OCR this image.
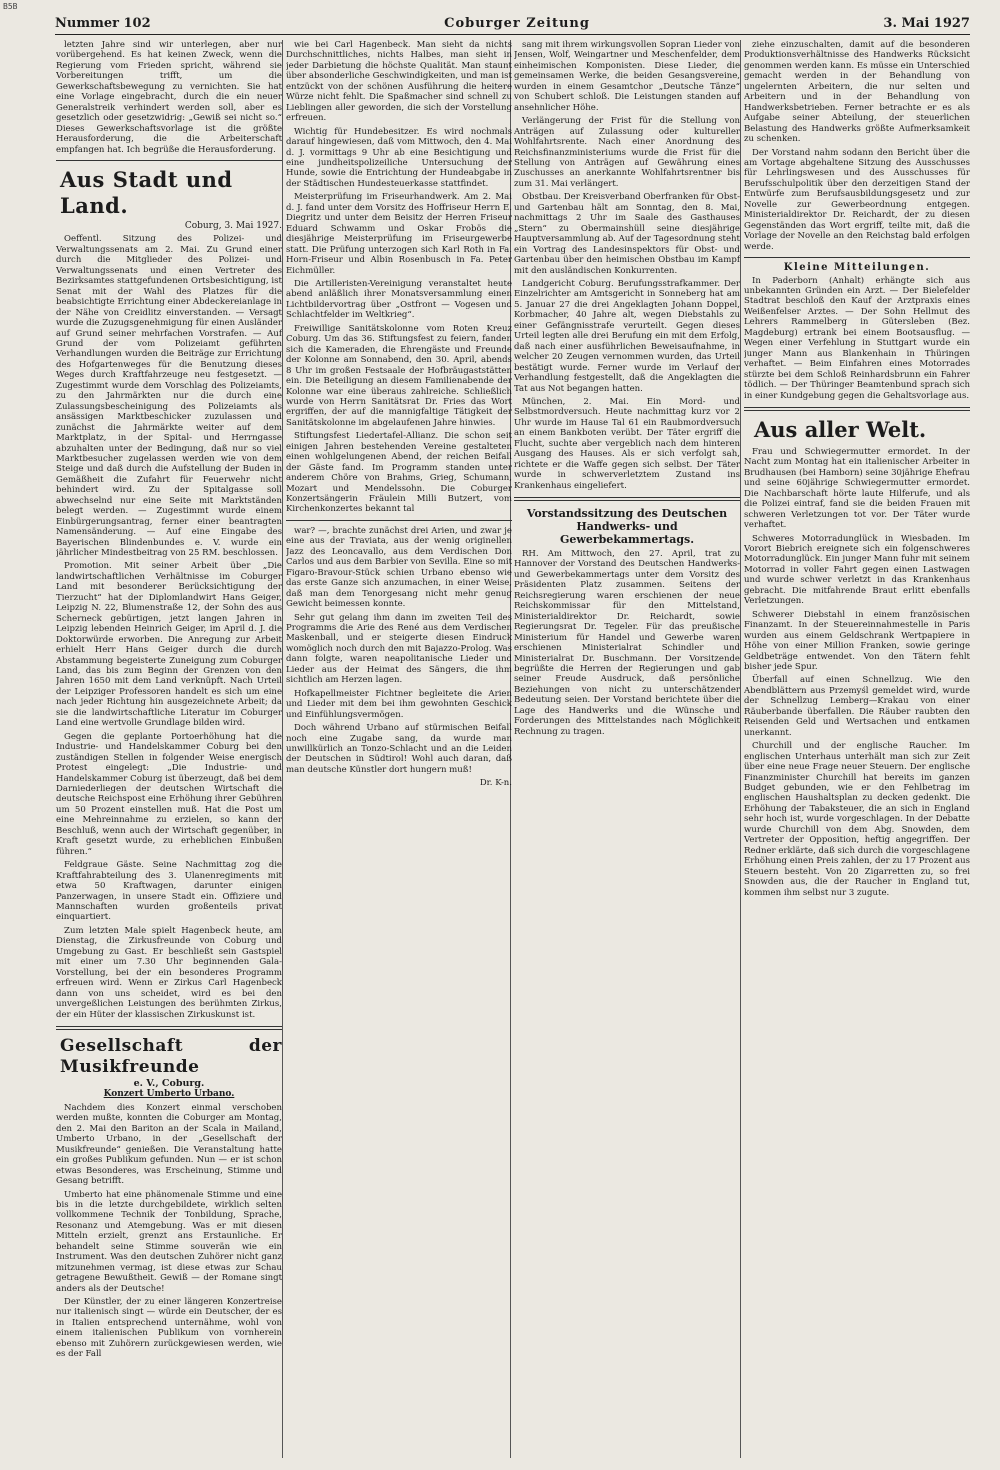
B5B
Nummer 102	Coburger Zeitung	3. Mai 1927

letzten Jahre sind wir unterlegen, aber nur vorübergehend. Es hat keinen Zweck, wenn die Regierung vom Frieden spricht, während sie Vorbereitungen trifft, um die Gewerkschaftsbewegung zu vernichten. Sie hat eine Vorlage eingebracht, durch die ein neuer Generalstreik verhindert werden soll, aber es gesetzlich oder gesetzwidrig: „Gewiß sei nicht so.“ Dieses Gewerkschaftsvorlage ist die größte Herausforderung, die die Arbeiterschaft empfangen hat. Ich begrüße die Herausforderung.

Aus Stadt und Land.
Coburg, 3. Mai 1927.

Oeffentl. Sitzung des Polizei- und Verwaltungssenats am 2. Mai. Zu Grund einer durch die Mitglieder des Polizei- und Verwaltungssenats und einen Vertreter des Bezirksamtes stattgefundenen Ortsbesichtigung, ist Senat mit der Wahl des Platzes für die beabsichtigte Errichtung einer Abdeckereianlage in der Nähe von Creidlitz einverstanden. — Versagt wurde die Zuzugsgenehmigung für einen Ausländer auf Grund seiner mehrfachen Vorstrafen. — Auf Grund der vom Polizeiamt geführten Verhandlungen wurden die Beiträge zur Errichtung des Hofgartenweges für die Benutzung dieses Weges durch Kraftfahrzeuge neu festgesetzt. — Zugestimmt wurde dem Vorschlag des Polizeiamts, zu den Jahrmärkten nur die durch eine Zulassungsbescheinigung des Polizeiamts als ansässigen Marktbeschicker zuzulassen und zunächst die Jahrmärkte weiter auf dem Marktplatz, in der Spital- und Herrngasse abzuhalten unter der Bedingung, daß nur so viel Marktbesucher zugelassen werden wie von dem Steige und daß durch die Aufstellung der Buden in Gemäßheit die Zufahrt für Feuerwehr nicht behindert wird. Zu der Spitalgasse soll abwechselnd nur eine Seite mit Marktständen belegt werden. — Zugestimmt wurde einem Einbürgerungsantrag, ferner einer beantragten Namensänderung. — Auf eine Eingabe des Bayerischen Blindenbundes e. V. wurde ein jährlicher Mindestbeitrag von 25 RM. beschlossen.

Promotion. Mit seiner Arbeit über „Die landwirtschaftlichen Verhältnisse im Coburger Land mit besonderer Berücksichtigung der Tierzucht“ hat der Diplomlandwirt Hans Geiger, Leipzig N. 22, Blumenstraße 12, der Sohn des aus Scherneck gebürtigen, jetzt langen Jahren in Leipzig lebenden Heinrich Geiger, im April d. J. die Doktorwürde erworben. Die Anregung zur Arbeit erhielt Herr Hans Geiger durch die durch Abstammung begeisterte Zuneigung zum Coburger Land, das bis zum Beginn der Grenzen von den Jahren 1650 mit dem Land verknüpft. Nach Urteil der Leipziger Professoren handelt es sich um eine nach jeder Richtung hin ausgezeichnete Arbeit; da sie die landwirtschaftliche Literatur im Coburger Land eine wertvolle Grundlage bilden wird.

Gegen die geplante Portoerhöhung hat die Industrie- und Handelskammer Coburg bei den zuständigen Stellen in folgender Weise energisch Protest eingelegt: „Die Industrie- und Handelskammer Coburg ist überzeugt, daß bei dem Darniederliegen der deutschen Wirtschaft die deutsche Reichspost eine Erhöhung ihrer Gebühren um 50 Prozent einstellen muß. Hat die Post um eine Mehreinnahme zu erzielen, so kann der Beschluß, wenn auch der Wirtschaft gegenüber, in Kraft gesetzt wurde, zu erheblichen Einbußen führen.“

Feldgraue Gäste. Seine Nachmittag zog die Kraftfahrabteilung des 3. Ulanenregiments mit etwa 50 Kraftwagen, darunter einigen Panzerwagen, in unsere Stadt ein. Offiziere und Mannschaften wurden großenteils privat einquartiert.

Zum letzten Male spielt Hagenbeck heute, am Dienstag, die Zirkusfreunde von Coburg und Umgebung zu Gast. Er beschließt sein Gastspiel mit einer um 7.30 Uhr beginnenden Gala-Vorstellung, bei der ein besonderes Programm erfreuen wird. Wenn er Zirkus Carl Hagenbeck dann von uns scheidet, wird es bei den unvergeßlichen Leistungen des berühmten Zirkus, der ein Hüter der klassischen Zirkuskunst ist.

Gesellschaft der Musikfreunde
e. V., Coburg.
Konzert Umberto Urbano.

Nachdem dies Konzert einmal verschoben werden mußte, konnten die Coburger am Montag, den 2. Mai den Bariton an der Scala in Mailand, Umberto Urbano, in der „Gesellschaft der Musikfreunde“ genießen. Die Veranstaltung hatte ein großes Publikum gefunden. Nun — er ist schon etwas Besonderes, was Erscheinung, Stimme und Gesang betrifft.

Umberto hat eine phänomenale Stimme und eine bis in die letzte durchgebildete, wirklich selten vollkommene Technik der Tonbildung, Sprache, Resonanz und Atemgebung. Was er mit diesen Mitteln erzielt, grenzt ans Erstaunliche. Er behandelt seine Stimme souverän wie ein Instrument. Was den deutschen Zuhörer nicht ganz mitzunehmen vermag, ist diese etwas zur Schau getragene Bewußtheit. Gewiß — der Romane singt anders als der Deutsche!

Der Künstler, der zu einer längeren Konzertreise nur italienisch singt — würde ein Deutscher, der es in Italien entsprechend unternähme, wohl von einem italienischen Publikum von vornherein ebenso mit Zuhörern zurückgewiesen werden, wie es der Fall

wie bei Carl Hagenbeck. Man sieht da nichts Durchschnittliches, nichts Halbes, man sieht in jeder Darbietung die höchste Qualität. Man staunt über absonderliche Geschwindigkeiten, und man ist entzückt von der schönen Ausführung die heitere Würze nicht fehlt. Die Spaßmacher sind schnell zu Lieblingen aller geworden, die sich der Vorstellung erfreuen.

Wichtig für Hundebesitzer. Es wird nochmals darauf hingewiesen, daß vom Mittwoch, den 4. Mai d. J. vormittags 9 Uhr ab eine Besichtigung und eine jundheitspolizeiliche Untersuchung der Hunde, sowie die Entrichtung der Hundeabgabe in der Städtischen Hundesteuerkasse stattfindet.

Meisterprüfung im Friseurhandwerk. Am 2. Mai d. J. fand unter dem Vorsitz des Hoffriseur Herrn E. Diegritz und unter dem Beisitz der Herren Friseur Eduard Schwamm und Oskar Frobös die diesjährige Meisterprüfung im Friseurgewerbe statt. Die Prüfung unterzogen sich Karl Roth in Fa. Horn-Friseur und Albin Rosenbusch in Fa. Peter Eichmüller.

Die Artilleristen-Vereinigung veranstaltet heute abend anläßlich ihrer Monatsversammlung einen Lichtbildervortrag über „Ostfront — Vogesen und Schlachtfelder im Weltkrieg“.

Freiwillige Sanitätskolonne vom Roten Kreuz Coburg. Um das 36. Stiftungsfest zu feiern, fanden sich die Kameraden, die Ehrengäste und Freunde der Kolonne am Sonnabend, den 30. April, abends 8 Uhr im großen Festsaale der Hofbräugaststätten ein. Die Beteiligung an diesem Familienabende der Kolonne war eine überaus zahlreiche. Schließlich wurde von Herrn Sanitätsrat Dr. Fries das Wort ergriffen, der auf die mannigfaltige Tätigkeit der Sanitätskolonne im abgelaufenen Jahre hinwies.

Stiftungsfest Liedertafel-Allianz. Die schon seit einigen Jahren bestehenden Vereine gestalteten einen wohlgelungenen Abend, der reichen Beifall der Gäste fand. Im Programm standen unter anderem Chöre von Brahms, Grieg, Schumann, Mozart und Mendelssohn. Die Coburger Konzertsängerin Fräulein Milli Butzert, vom Kirchenkonzertes bekannt tal

war? —, brachte zunächst drei Arien, und zwar je eine aus der Traviata, aus der wenig originellen Jazz des Leoncavallo, aus dem Verdischen Don Carlos und aus dem Barbier von Sevilla. Eine so mit Figaro-Bravour-Stück schien Urbano ebenso wie das erste Ganze sich anzumachen, in einer Weise, daß man dem Tenorgesang nicht mehr genug Gewicht beimessen konnte.

Sehr gut gelang ihm dann im zweiten Teil des Programms die Arie des René aus dem Verdischen Maskenball, und er steigerte diesen Eindruck womöglich noch durch den mit Bajazzo-Prolog. Was dann folgte, waren neapolitanische Lieder und Lieder aus der Heimat des Sängers, die ihm sichtlich am Herzen lagen.

Hofkapellmeister Fichtner begleitete die Arien und Lieder mit dem bei ihm gewohnten Geschick und Einfühlungsvermögen.

Doch während Urbano auf stürmischen Beifall noch eine Zugabe sang, da wurde man unwillkürlich an Tonzo-Schlacht und an die Leiden der Deutschen in Südtirol! Wohl auch daran, daß man deutsche Künstler dort hungern muß!

Dr. K-n.

sang mit ihrem wirkungsvollen Sopran Lieder von Jensen, Wolf, Weingartner und Meschenfelder, dem einheimischen Komponisten. Diese Lieder, die gemeinsamen Werke, die beiden Gesangsvereine, wurden in einem Gesamtchor „Deutsche Tänze“ von Schubert schloß. Die Leistungen standen auf ansehnlicher Höhe.

Verlängerung der Frist für die Stellung von Anträgen auf Zulassung oder kultureller Wohlfahrtsrente. Nach einer Anordnung des Reichsfinanzministeriums wurde die Frist für die Stellung von Anträgen auf Gewährung eines Zuschusses an anerkannte Wohlfahrtsrentner bis zum 31. Mai verlängert.

Obstbau. Der Kreisverband Oberfranken für Obst- und Gartenbau hält am Sonntag, den 8. Mai, nachmittags 2 Uhr im Saale des Gasthauses „Stern“ zu Obermainshüll seine diesjährige Hauptversammlung ab. Auf der Tagesordnung steht ein Vortrag des Landesinspektors für Obst- und Gartenbau über den heimischen Obstbau im Kampf mit den ausländischen Konkurrenten.

Landgericht Coburg. Berufungsstrafkammer. Der Einzelrichter am Amtsgericht in Sonneberg hat am 5. Januar 27 die drei Angeklagten Johann Doppel, Korbmacher, 40 Jahre alt, wegen Diebstahls zu einer Gefängnisstrafe verurteilt. Gegen dieses Urteil legten alle drei Berufung ein mit dem Erfolg, daß nach einer ausführlichen Beweisaufnahme, in welcher 20 Zeugen vernommen wurden, das Urteil bestätigt wurde. Ferner wurde im Verlauf der Verhandlung festgestellt, daß die Angeklagten die Tat aus Not begangen hatten.

München, 2. Mai. Ein Mord- und Selbstmordversuch. Heute nachmittag kurz vor 2 Uhr wurde im Hause Tal 61 ein Raubmordversuch an einem Bankboten verübt. Der Täter ergriff die Flucht, suchte aber vergeblich nach dem hinteren Ausgang des Hauses. Als er sich verfolgt sah, richtete er die Waffe gegen sich selbst. Der Täter wurde in schwerverletztem Zustand ins Krankenhaus eingeliefert.

Vorstandssitzung des Deutschen Handwerks- und Gewerbekammertags.

RH. Am Mittwoch, den 27. April, trat zu Hannover der Vorstand des Deutschen Handwerks- und Gewerbekammertags unter dem Vorsitz des Präsidenten Platz zusammen. Seitens der Reichsregierung waren erschienen der neue Reichskommissar für den Mittelstand, Ministerialdirektor Dr. Reichardt, sowie Regierungsrat Dr. Tegeler. Für das preußische Ministerium für Handel und Gewerbe waren erschienen Ministerialrat Schindler und Ministerialrat Dr. Buschmann. Der Vorsitzende begrüßte die Herren der Regierungen und gab seiner Freude Ausdruck, daß persönliche Beziehungen von nicht zu unterschätzender Bedeutung seien. Der Vorstand berichtete über die Lage des Handwerks und die Wünsche und Forderungen des Mittelstandes nach Möglichkeit Rechnung zu tragen.

ziehe einzuschalten, damit auf die besonderen Produktionsverhältnisse des Handwerks Rücksicht genommen werden kann. Es müsse ein Unterschied gemacht werden in der Behandlung von ungelernten Arbeitern, die nur selten und Arbeitern und in der Behandlung von Handwerksbetrieben. Ferner betrachte er es als Aufgabe seiner Abteilung, der steuerlichen Belastung des Handwerks größte Aufmerksamkeit zu schenken.

Der Vorstand nahm sodann den Bericht über die am Vortage abgehaltene Sitzung des Ausschusses für Lehrlingswesen und des Ausschusses für Berufsschulpolitik über den derzeitigen Stand der Entwürfe zum Berufsausbildungsgesetz und zur Novelle zur Gewerbeordnung entgegen. Ministerialdirektor Dr. Reichardt, der zu diesen Gegenständen das Wort ergriff, teilte mit, daß die Vorlage der Novelle an den Reichstag bald erfolgen werde.

Kleine Mitteilungen.

In Paderborn (Anhalt) erhängte sich aus unbekannten Gründen ein Arzt. — Der Bielefelder Stadtrat beschloß den Kauf der Arztpraxis eines Weißenfelser Arztes. — Der Sohn Hellmut des Lehrers Rammelberg in Gütersleben (Bez. Magdeburg) ertrank bei einem Bootsausflug. — Wegen einer Verfehlung in Stuttgart wurde ein junger Mann aus Blankenhain in Thüringen verhaftet. — Beim Einfahren eines Motorrades stürzte bei dem Schloß Reinhardsbrunn ein Fahrer tödlich. — Der Thüringer Beamtenbund sprach sich in einer Kundgebung gegen die Gehaltsvorlage aus.

Aus aller Welt.

Frau und Schwiegermutter ermordet. In der Nacht zum Montag hat ein italienischer Arbeiter in Brudhausen (bei Hamborn) seine 30jährige Ehefrau und seine 60jährige Schwiegermutter ermordet. Die Nachbarschaft hörte laute Hilferufe, und als die Polizei eintraf, fand sie die beiden Frauen mit schweren Verletzungen tot vor. Der Täter wurde verhaftet.

Schweres Motorradunglück in Wiesbaden. Im Vorort Biebrich ereignete sich ein folgenschweres Motorradunglück. Ein junger Mann fuhr mit seinem Motorrad in voller Fahrt gegen einen Lastwagen und wurde schwer verletzt in das Krankenhaus gebracht. Die mitfahrende Braut erlitt ebenfalls Verletzungen.

Schwerer Diebstahl in einem französischen Finanzamt. In der Steuereinnahmestelle in Paris wurden aus einem Geldschrank Wertpapiere in Höhe von einer Million Franken, sowie geringe Geldbeträge entwendet. Von den Tätern fehlt bisher jede Spur.

Überfall auf einen Schnellzug. Wie den Abendblättern aus Przemyśl gemeldet wird, wurde der Schnellzug Lemberg—Krakau von einer Räuberbande überfallen. Die Räuber raubten den Reisenden Geld und Wertsachen und entkamen unerkannt.

Churchill und der englische Raucher. Im englischen Unterhaus unterhält man sich zur Zeit über eine neue Frage neuer Steuern. Der englische Finanzminister Churchill hat bereits im ganzen Budget gebunden, wie er den Fehlbetrag im englischen Haushaltsplan zu decken gedenkt. Die Erhöhung der Tabaksteuer, die an sich in England sehr hoch ist, wurde vorgeschlagen. In der Debatte wurde Churchill von dem Abg. Snowden, dem Vertreter der Opposition, heftig angegriffen. Der Redner erklärte, daß sich durch die vorgeschlagene Erhöhung einen Preis zahlen, der zu 17 Prozent aus Steuern besteht. Von 20 Zigarretten zu, so frei Snowden aus, die der Raucher in England tut, kommen ihm selbst nur 3 zugute.
